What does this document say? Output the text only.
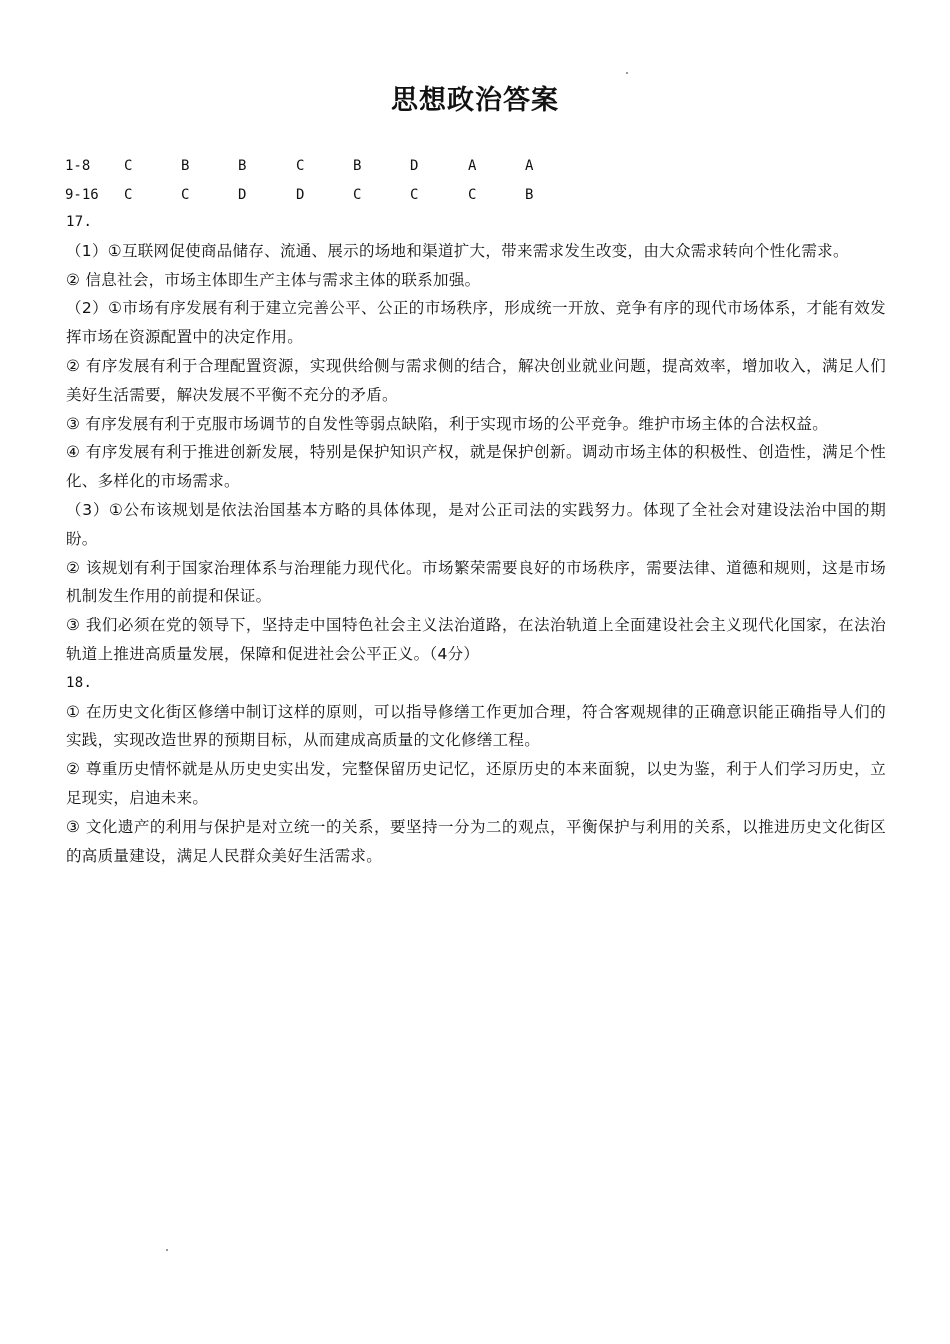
思想政治答案
1-8 C	B	B	C	B	D	A	A
9-16 C	C	D	D	C	C	C	B

17.

（1）①互联网促使商品储存、流通、展示的场地和渠道扩大，带来需求发生改变，由大众需求转向个性化需求。

② 信息社会，市场主体即生产主体与需求主体的联系加强。

（2）①市场有序发展有利于建立完善公平、公正的市场秩序，形成统一开放、竞争有序的现代市场体系，才能有效发挥市场在资源配置中的决定作用。

② 有序发展有利于合理配置资源，实现供给侧与需求侧的结合，解决创业就业问题，提高效率，增加收入，满足人们美好生活需要，解决发展不平衡不充分的矛盾。

③ 有序发展有利于克服市场调节的自发性等弱点缺陷，利于实现市场的公平竞争。维护市场主体的合法权益。

④ 有序发展有利于推进创新发展，特别是保护知识产权，就是保护创新。调动市场主体的积极性、创造性，满足个性化、多样化的市场需求。

（3）①公布该规划是依法治国基本方略的具体体现，是对公正司法的实践努力。体现了全社会对建设法治中国的期盼。

② 该规划有利于国家治理体系与治理能力现代化。市场繁荣需要良好的市场秩序，需要法律、道德和规则，这是市场机制发生作用的前提和保证。

③ 我们必须在党的领导下，坚持走中国特色社会主义法治道路，在法治轨道上全面建设社会主义现代化国家，在法治轨道上推进高质量发展，保障和促进社会公平正义。（4分）

18.

① 在历史文化街区修缮中制订这样的原则，可以指导修缮工作更加合理，符合客观规律的正确意识能正确指导人们的实践，实现改造世界的预期目标，从而建成高质量的文化修缮工程。

② 尊重历史情怀就是从历史史实出发，完整保留历史记忆，还原历史的本来面貌，以史为鉴，利于人们学习历史，立足现实，启迪未来。

③ 文化遗产的利用与保护是对立统一的关系，要坚持一分为二的观点，平衡保护与利用的关系，以推进历史文化街区的高质量建设，满足人民群众美好生活需求。
